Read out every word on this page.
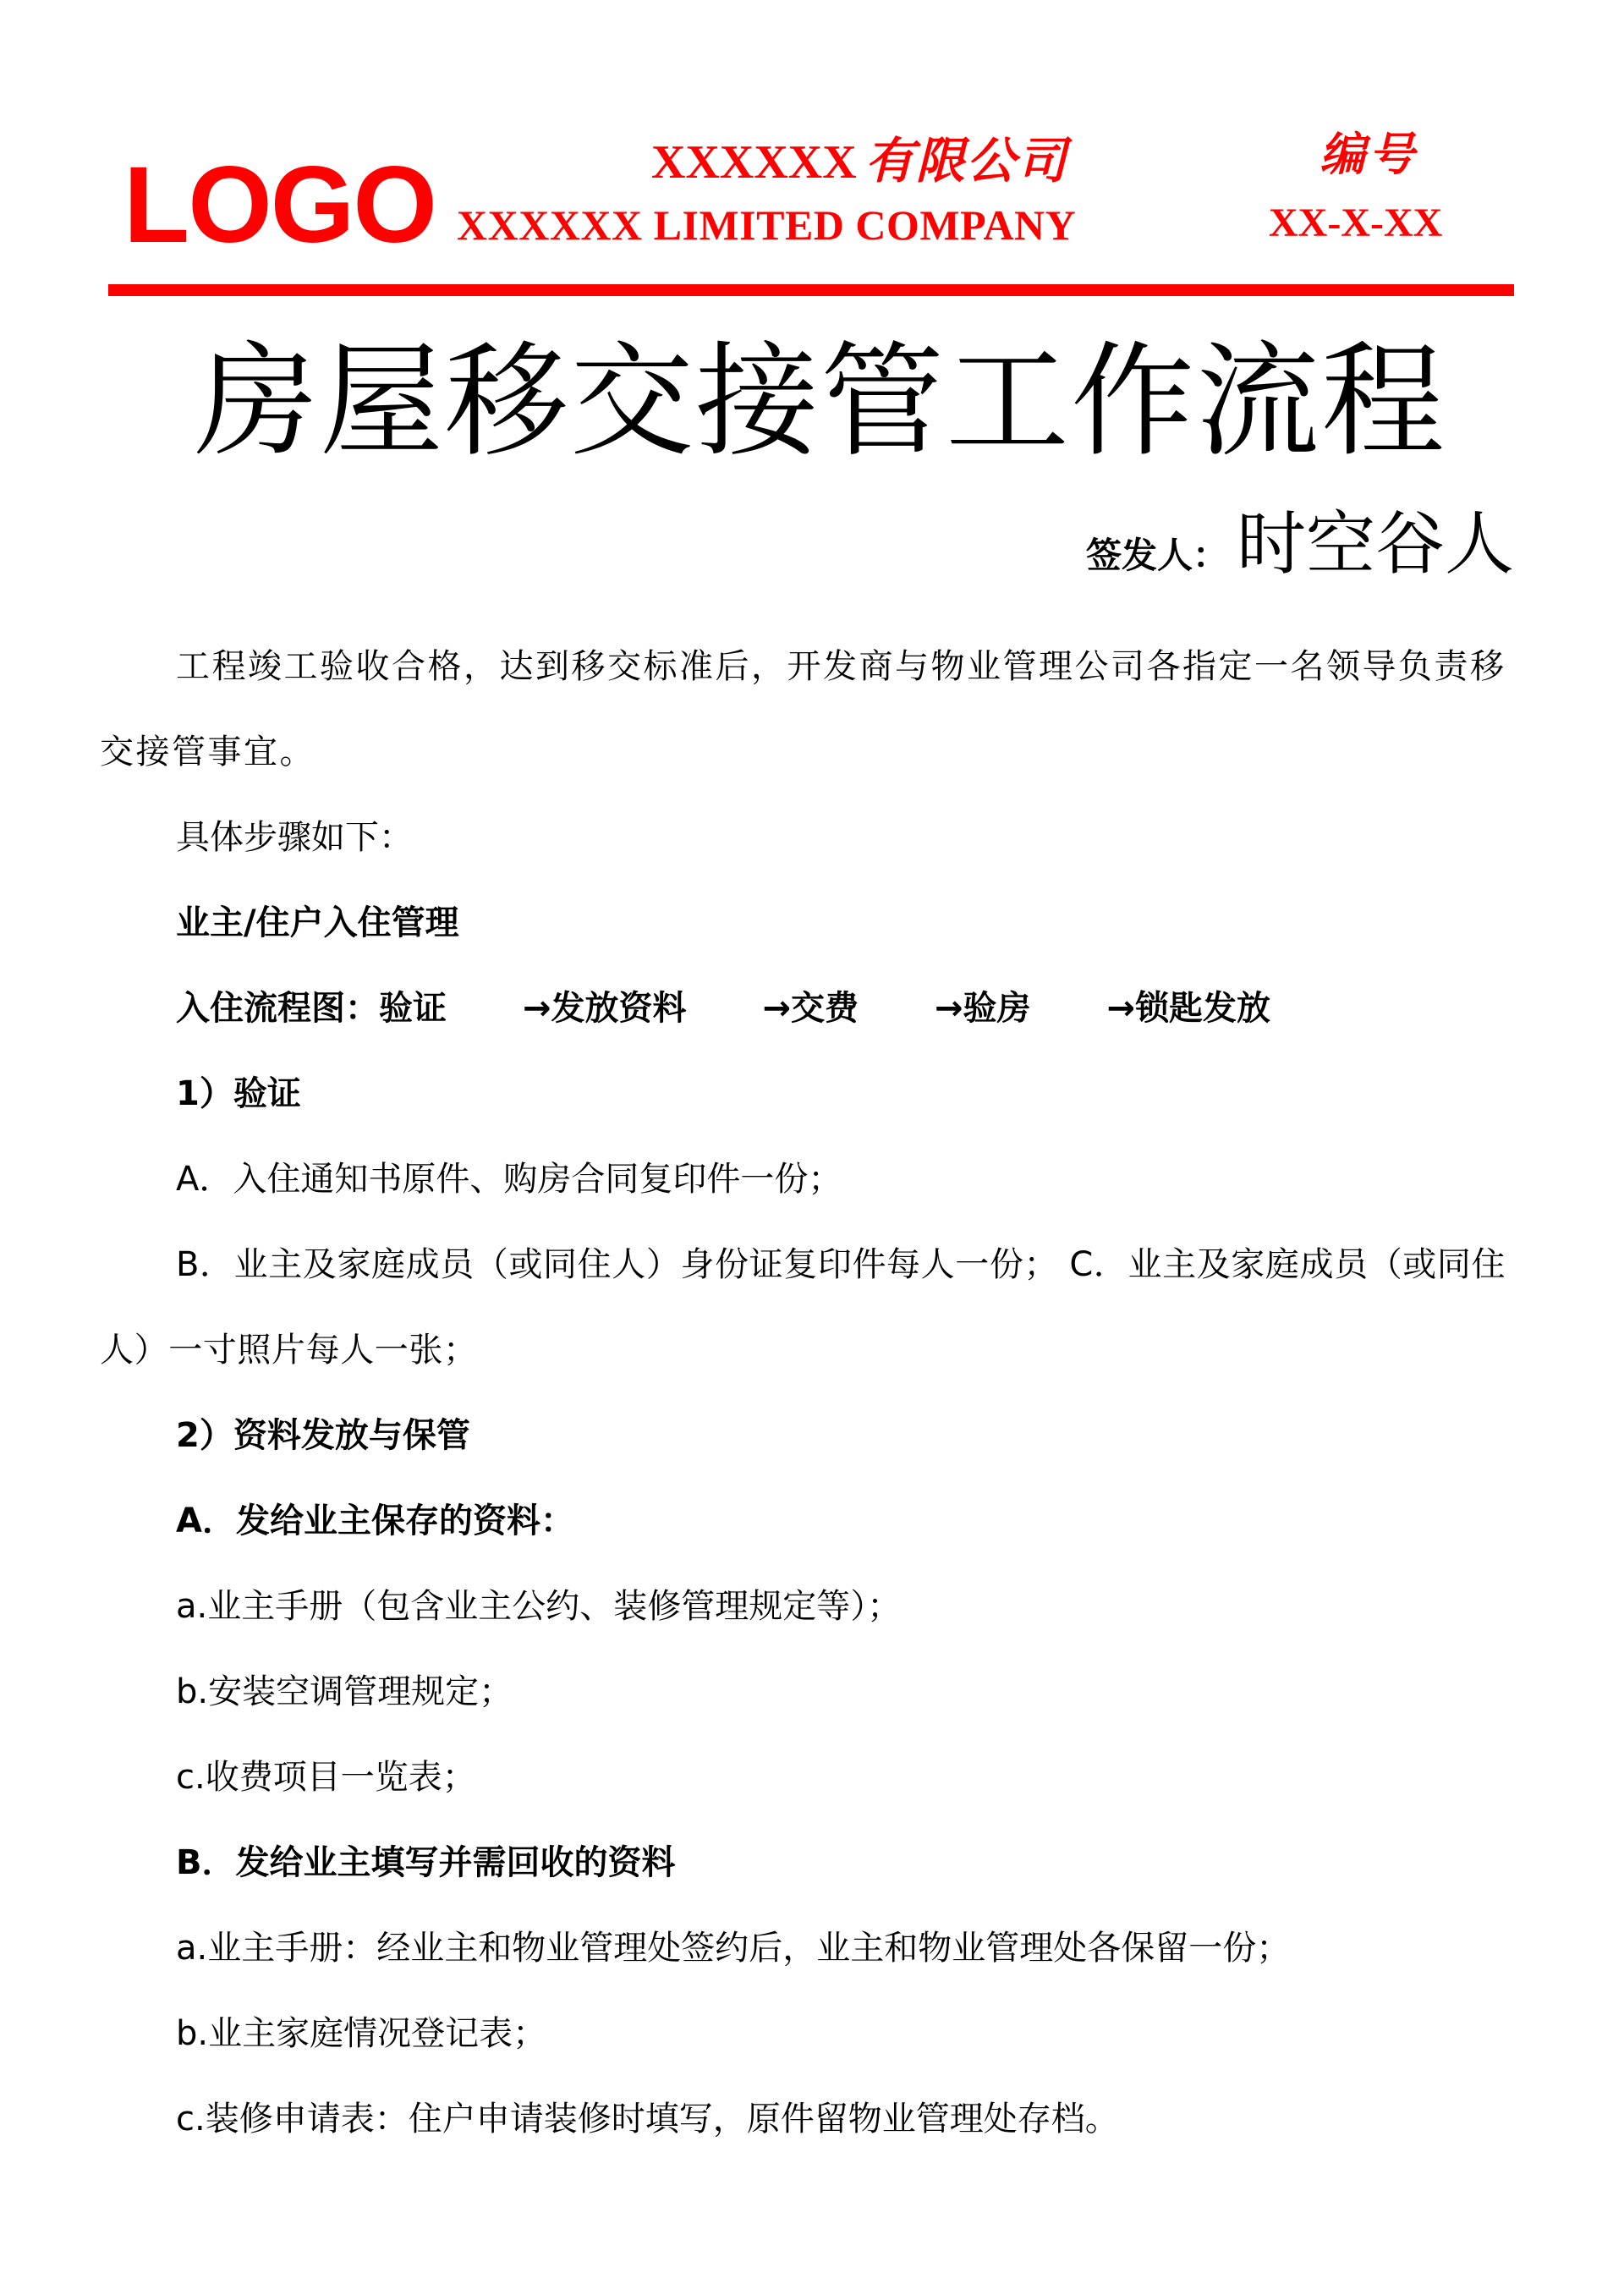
LOGO	XXXXXX 有限公司
XXXXXX LIMITED COMPANY
编号
XX-X-XX
房屋移交接管工作流程
签发人： 时空谷人

工程竣工验收合格，达到移交标准后，开发商与物业管理公司各指定一名领导负责移交接管事宜。

具体步骤如下：

业主/住户入住管理

入住流程图：验证 →发放资料 →交费 →验房 →锁匙发放

1）验证

A．入住通知书原件、购房合同复印件一份；

B．业主及家庭成员（或同住人）身份证复印件每人一份； C．业主及家庭成员（或同住人）一寸照片每人一张；

2）资料发放与保管

A．发给业主保存的资料：

a.业主手册（包含业主公约、装修管理规定等）；

b.安装空调管理规定；

c.收费项目一览表；

B．发给业主填写并需回收的资料

a.业主手册：经业主和物业管理处签约后，业主和物业管理处各保留一份；

b.业主家庭情况登记表；

c.装修申请表：住户申请装修时填写，原件留物业管理处存档。
